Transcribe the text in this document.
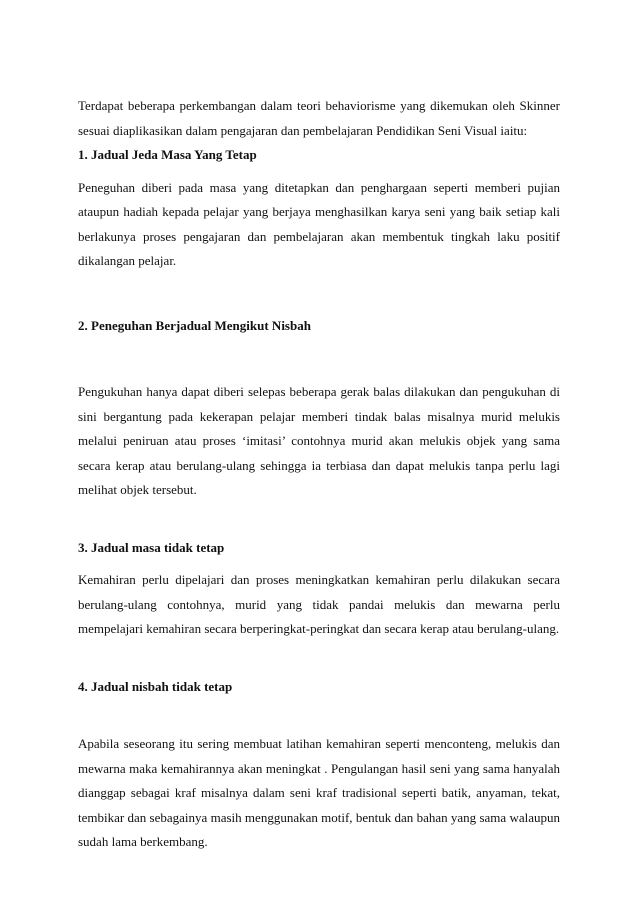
Terdapat beberapa perkembangan dalam teori behaviorisme yang dikemukan oleh Skinner sesuai diaplikasikan dalam pengajaran dan pembelajaran Pendidikan Seni Visual iaitu:

1. Jadual Jeda Masa Yang Tetap

Peneguhan diberi pada masa yang ditetapkan dan penghargaan seperti memberi pujian ataupun hadiah kepada pelajar yang berjaya menghasilkan karya seni yang baik setiap kali berlakunya proses pengajaran dan pembelajaran akan membentuk tingkah laku positif dikalangan pelajar.

2. Peneguhan Berjadual Mengikut Nisbah

Pengukuhan hanya dapat diberi selepas beberapa gerak balas dilakukan dan pengukuhan di sini bergantung pada kekerapan pelajar memberi tindak balas misalnya murid melukis melalui peniruan atau proses ‘imitasi’ contohnya murid akan melukis objek yang sama secara kerap atau berulang-ulang sehingga ia terbiasa dan dapat melukis tanpa perlu lagi melihat objek tersebut.

3. Jadual masa tidak tetap

Kemahiran perlu dipelajari dan proses meningkatkan kemahiran perlu dilakukan secara berulang-ulang contohnya, murid yang tidak pandai melukis dan mewarna perlu mempelajari kemahiran secara berperingkat-peringkat dan secara kerap atau berulang-ulang.

4. Jadual nisbah tidak tetap

Apabila seseorang itu sering membuat latihan kemahiran seperti menconteng, melukis dan mewarna maka kemahirannya akan meningkat . Pengulangan hasil seni yang sama hanyalah dianggap sebagai kraf misalnya dalam seni kraf tradisional seperti batik, anyaman, tekat, tembikar dan sebagainya masih menggunakan motif, bentuk dan bahan yang sama walaupun sudah lama berkembang.
